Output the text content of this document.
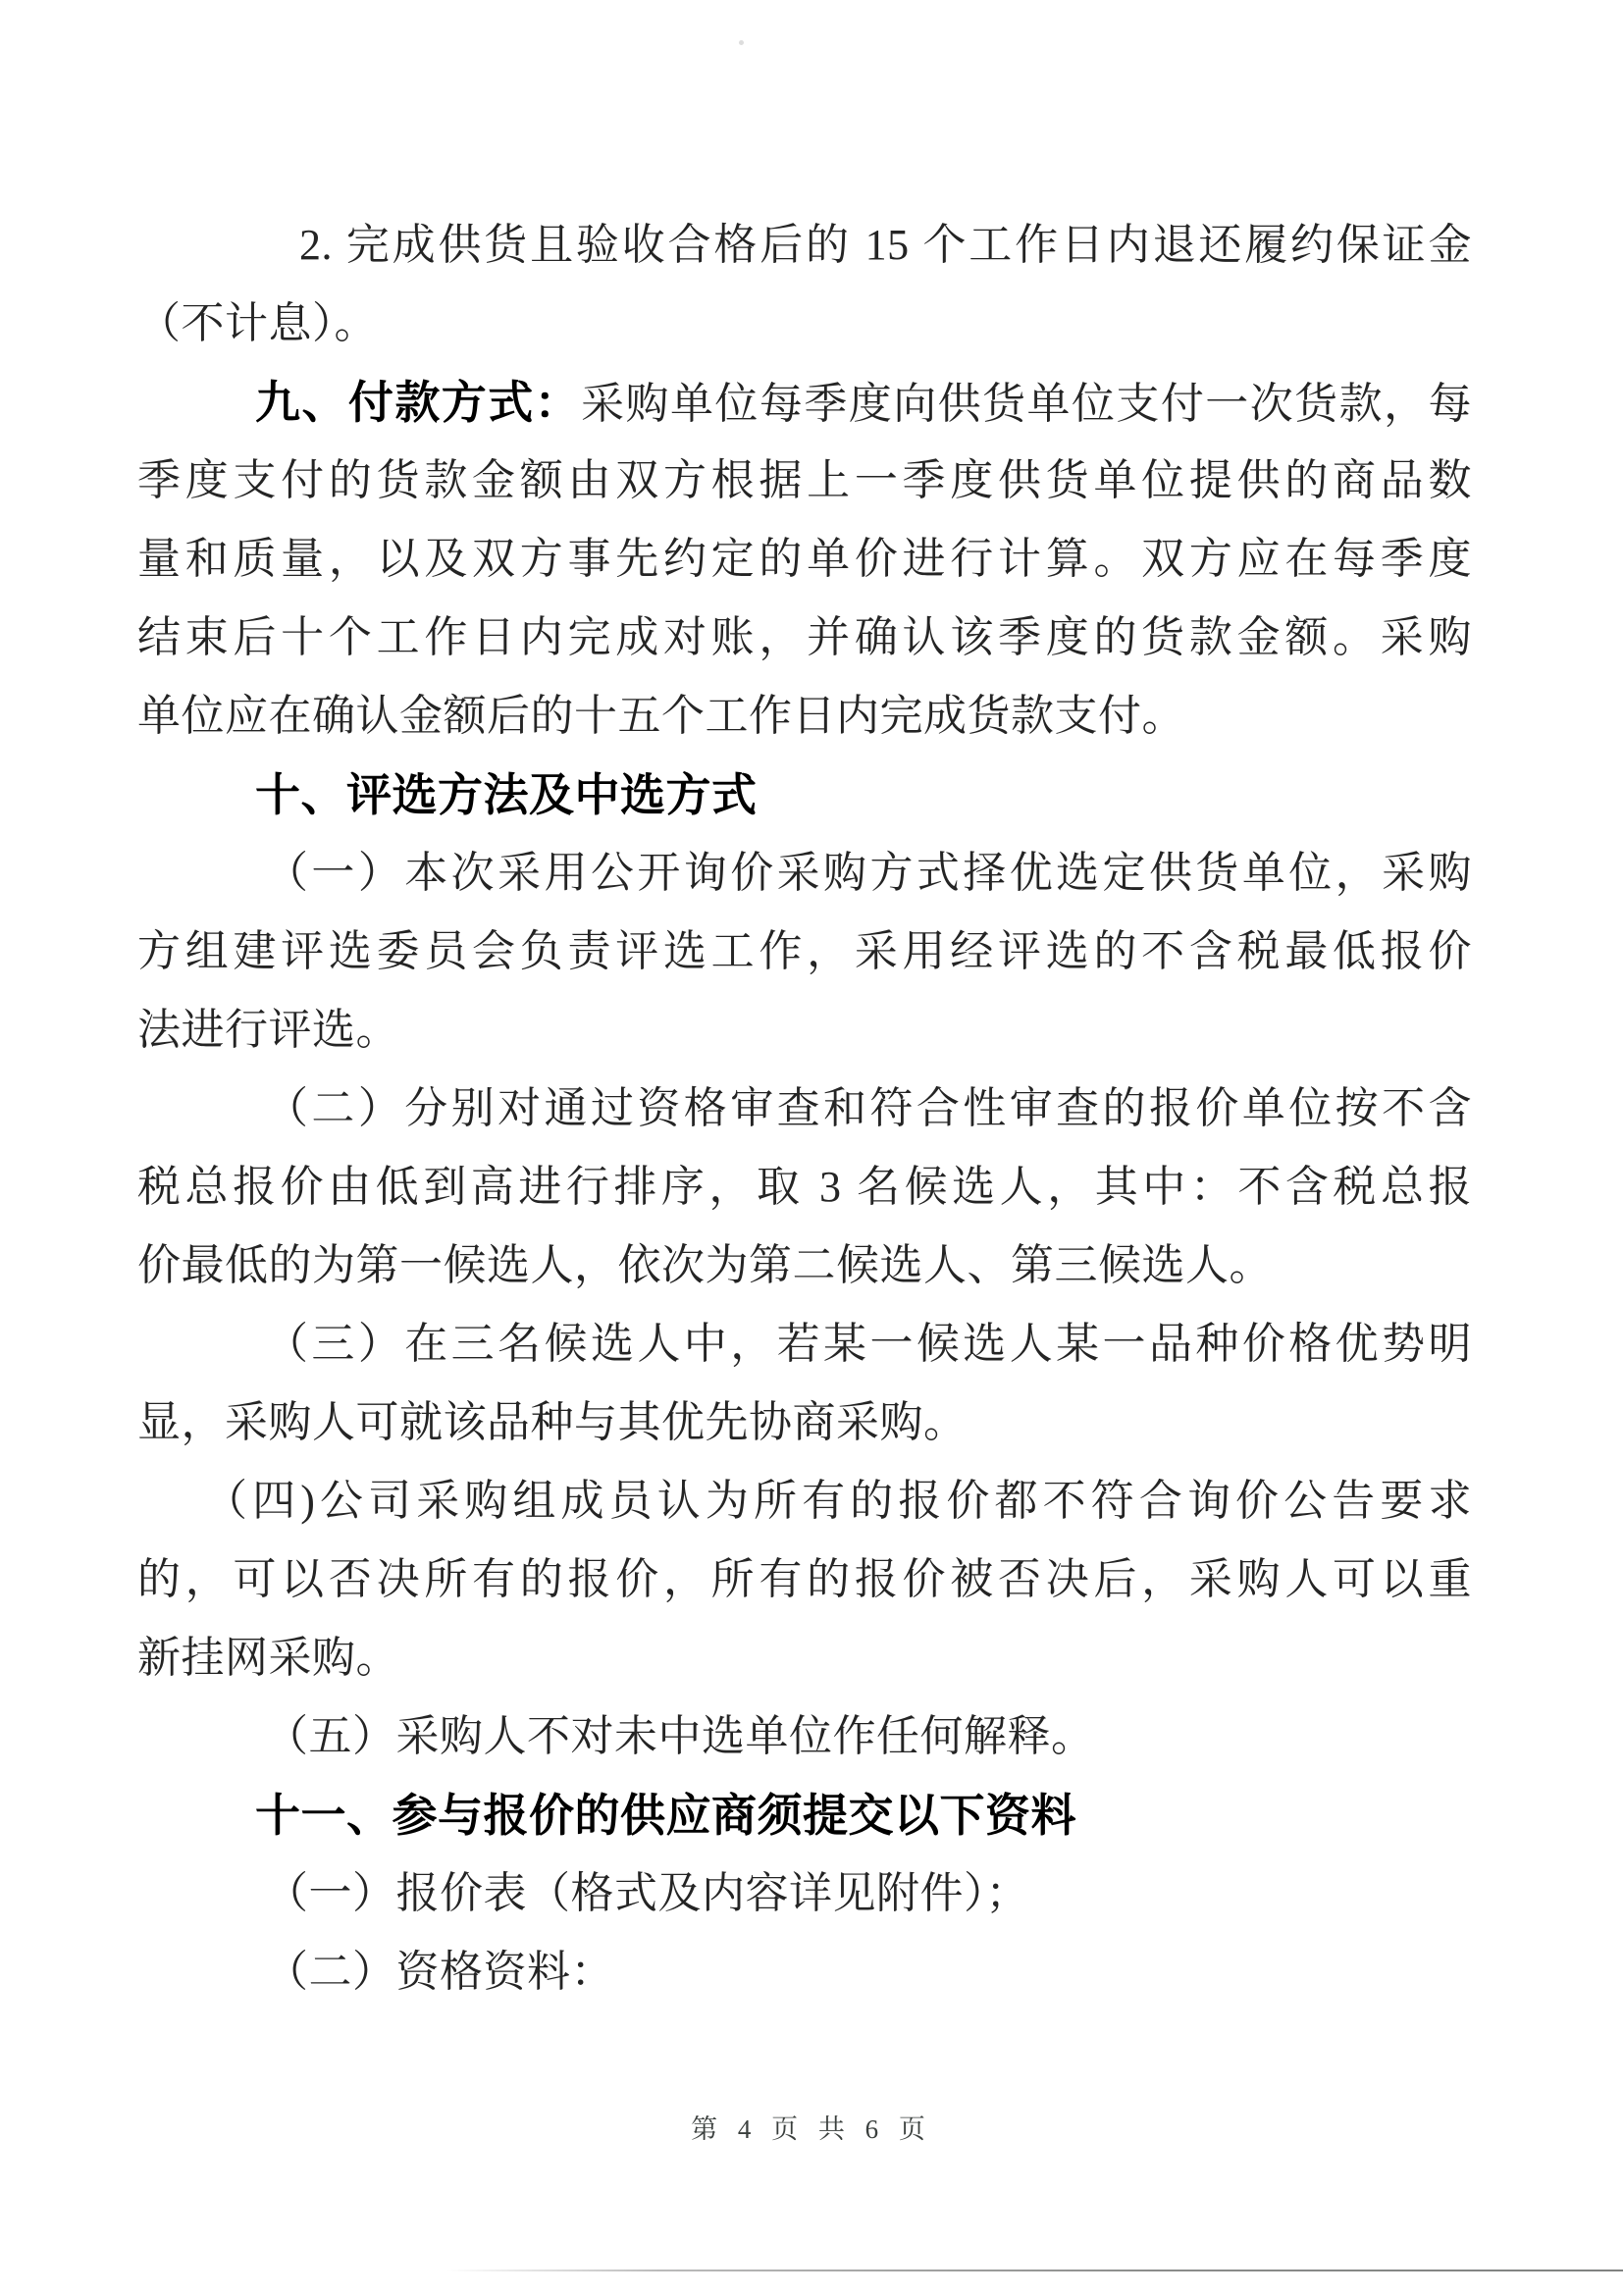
2. 完成供货且验收合格后的 15 个工作日内退还履约保证金
（不计息）。
九、付款方式：采购单位每季度向供货单位支付一次货款，每
季度支付的货款金额由双方根据上一季度供货单位提供的商品数
量和质量，以及双方事先约定的单价进行计算。双方应在每季度
结束后十个工作日内完成对账，并确认该季度的货款金额。采购
单位应在确认金额后的十五个工作日内完成货款支付。
十、评选方法及中选方式
（一）本次采用公开询价采购方式择优选定供货单位，采购
方组建评选委员会负责评选工作，采用经评选的不含税最低报价
法进行评选。
（二）分别对通过资格审查和符合性审查的报价单位按不含
税总报价由低到高进行排序，取 3 名候选人，其中：不含税总报
价最低的为第一候选人，依次为第二候选人、第三候选人。
（三）在三名候选人中，若某一候选人某一品种价格优势明
显，采购人可就该品种与其优先协商采购。
（四)公司采购组成员认为所有的报价都不符合询价公告要求
的，可以否决所有的报价，所有的报价被否决后，采购人可以重
新挂网采购。
（五）采购人不对未中选单位作任何解释。
十一、参与报价的供应商须提交以下资料
（一）报价表（格式及内容详见附件）；
（二）资格资料：
第 4 页 共 6 页
